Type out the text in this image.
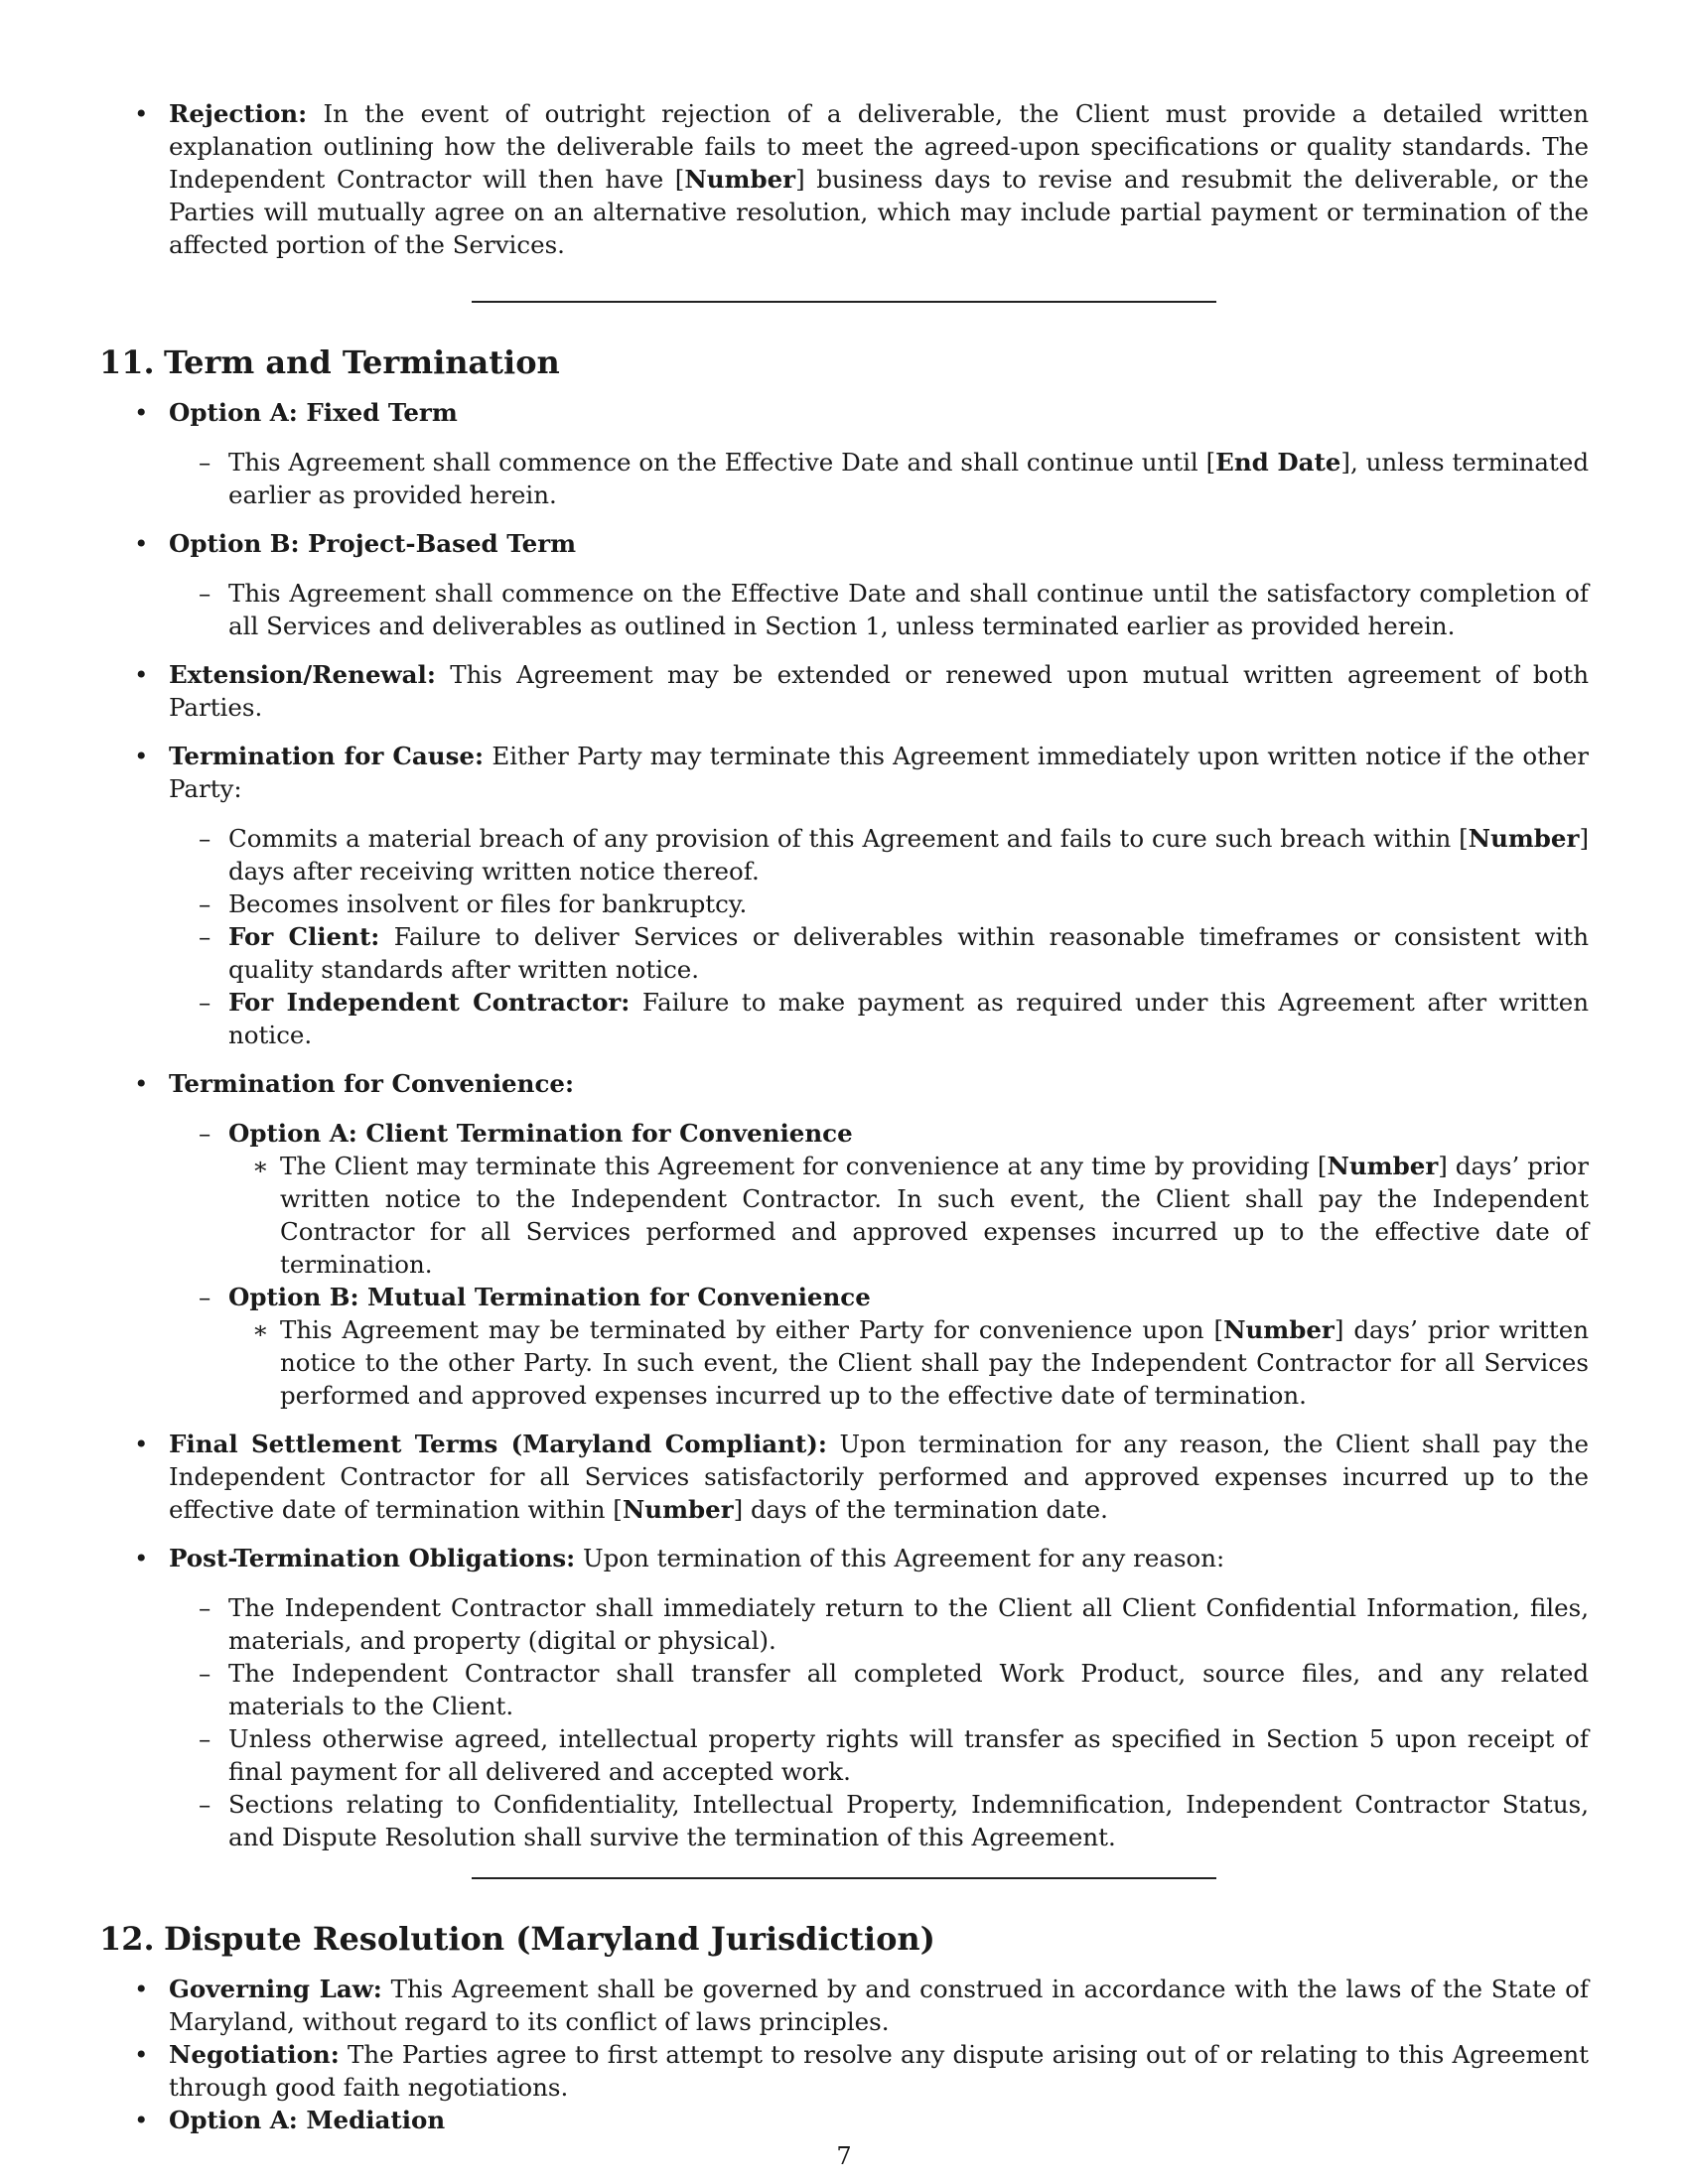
• Rejection: In the event of outright rejection of a deliverable, the Client must provide a detailed written explanation outlining how the deliverable fails to meet the agreed-upon specifications or quality standards. The Independent Contractor will then have [Number] business days to revise and resubmit the deliverable, or the Parties will mutually agree on an alternative resolution, which may include partial payment or termination of the affected portion of the Services.

11. Term and Termination

• Option A: Fixed Term

– This Agreement shall commence on the Effective Date and shall continue until [End Date], unless terminated earlier as provided herein.

• Option B: Project-Based Term

– This Agreement shall commence on the Effective Date and shall continue until the satisfactory completion of all Services and deliverables as outlined in Section 1, unless terminated earlier as provided herein.

• Extension/Renewal: This Agreement may be extended or renewed upon mutual written agreement of both Parties.

• Termination for Cause: Either Party may terminate this Agreement immediately upon written notice if the other Party:

– Commits a material breach of any provision of this Agreement and fails to cure such breach within [Number] days after receiving written notice thereof.

– Becomes insolvent or files for bankruptcy.

– For Client: Failure to deliver Services or deliverables within reasonable timeframes or consistent with quality standards after written notice.

– For Independent Contractor: Failure to make payment as required under this Agreement after written notice.

• Termination for Convenience:

– Option A: Client Termination for Convenience

∗ The Client may terminate this Agreement for convenience at any time by providing [Number] days’ prior written notice to the Independent Contractor. In such event, the Client shall pay the Independent Contractor for all Services performed and approved expenses incurred up to the effective date of termination.

– Option B: Mutual Termination for Convenience

∗ This Agreement may be terminated by either Party for convenience upon [Number] days’ prior written notice to the other Party. In such event, the Client shall pay the Independent Contractor for all Services performed and approved expenses incurred up to the effective date of termination.

• Final Settlement Terms (Maryland Compliant): Upon termination for any reason, the Client shall pay the Independent Contractor for all Services satisfactorily performed and approved expenses incurred up to the effective date of termination within [Number] days of the termination date.

• Post-Termination Obligations: Upon termination of this Agreement for any reason:

– The Independent Contractor shall immediately return to the Client all Client Confidential Information, files, materials, and property (digital or physical).

– The Independent Contractor shall transfer all completed Work Product, source files, and any related materials to the Client.

– Unless otherwise agreed, intellectual property rights will transfer as specified in Section 5 upon receipt of final payment for all delivered and accepted work.

– Sections relating to Confidentiality, Intellectual Property, Indemnification, Independent Contractor Status, and Dispute Resolution shall survive the termination of this Agreement.

12. Dispute Resolution (Maryland Jurisdiction)

• Governing Law: This Agreement shall be governed by and construed in accordance with the laws of the State of Maryland, without regard to its conflict of laws principles.

• Negotiation: The Parties agree to first attempt to resolve any dispute arising out of or relating to this Agreement through good faith negotiations.

• Option A: Mediation

7
